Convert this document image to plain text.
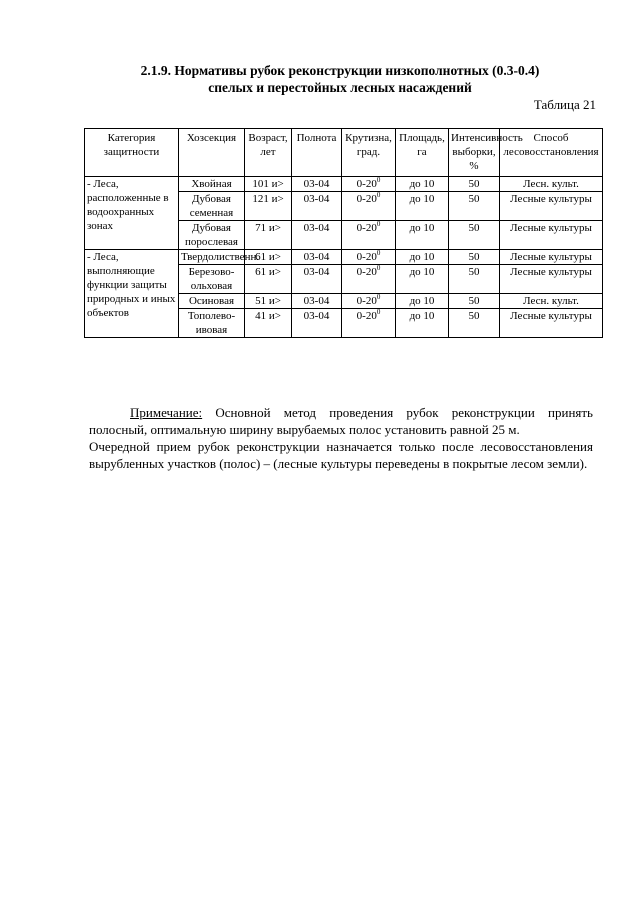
2.1.9. Нормативы рубок реконструкции низкополнотных (0.3-0.4)
спелых и перестойных лесных насаждений
Таблица 21
Категория защитности	Хозсекция	Возраст, лет	Полнота	Крутизна, град.	Площадь, га	Интенсивность выборки, %	Способ лесовосстановления
- Леса, расположенные в водоохранных зонах	Хвойная	101 и>	03-04	$0-20^0$	до 10	50	Лесн. культ.
	Дубовая семенная	121 и>	03-04	$0-20^0$	до 10	50	Лесные культуры
	Дубовая порослевая	71 и>	03-04	$0-20^0$	до 10	50	Лесные культуры
- Леса, выполняющие функции защиты природных и иных объектов	Твердолиственн.	61 и>	03-04	$0-20^0$	до 10	50	Лесные культуры
	Березово-ольховая	61 и>	03-04	$0-20^0$	до 10	50	Лесные культуры
	Осиновая	51 и>	03-04	$0-20^0$	до 10	50	Лесн. культ.
	Тополево-ивовая	41 и>	03-04	$0-20^0$	до 10	50	Лесные культуры

Примечание: Основной метод проведения рубок реконструкции принять полосный, оптимальную ширину вырубаемых полос установить равной 25 м.

Очередной прием рубок реконструкции назначается только после лесовосстановления вырубленных участков (полос) – (лесные культуры переведены в покрытые лесом земли).
